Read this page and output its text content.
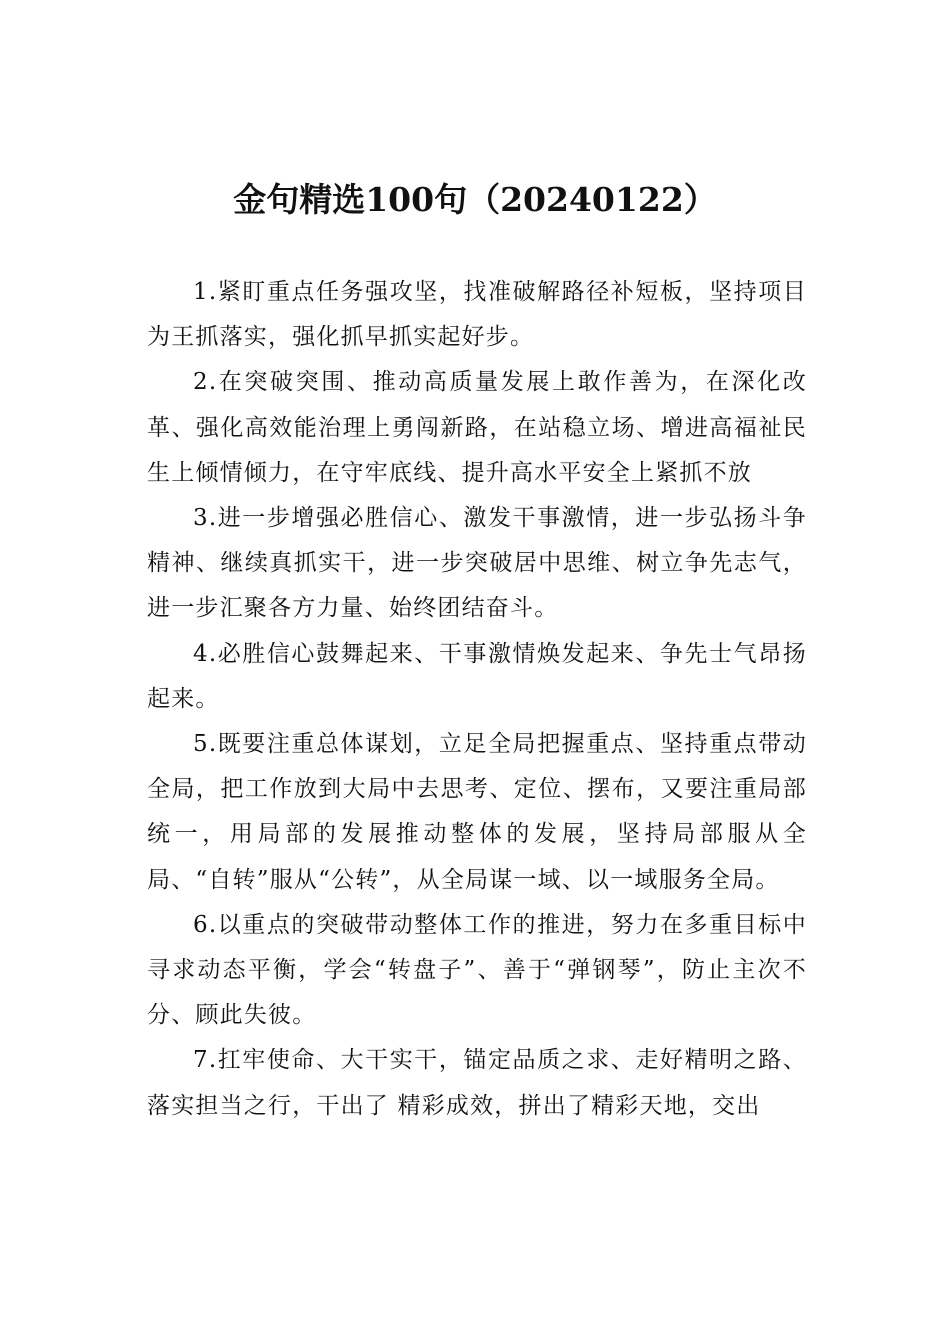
金句精选100句（20240122）

1.紧盯重点任务强攻坚，找准破解路径补短板，坚持项目为王抓落实，强化抓早抓实起好步。

2.在突破突围、推动高质量发展上敢作善为，在深化改革、强化高效能治理上勇闯新路，在站稳立场、增进高福祉民生上倾情倾力，在守牢底线、提升高水平安全上紧抓不放

3.进一步增强必胜信心、激发干事激情，进一步弘扬斗争精神、继续真抓实干，进一步突破居中思维、树立争先志气，进一步汇聚各方力量、始终团结奋斗。

4.必胜信心鼓舞起来、干事激情焕发起来、争先士气昂扬起来。

5.既要注重总体谋划，立足全局把握重点、坚持重点带动全局，把工作放到大局中去思考、定位、摆布，又要注重局部统一，用局部的发展推动整体的发展，坚持局部服从全局、“自转”服从“公转”，从全局谋一域、以一域服务全局。

6.以重点的突破带动整体工作的推进，努力在多重目标中寻求动态平衡，学会“转盘子”、善于“弹钢琴”，防止主次不分、顾此失彼。

7.扛牢使命、大干实干，锚定品质之求、走好精明之路、落实担当之行，干出了 精彩成效，拼出了精彩天地，交出
